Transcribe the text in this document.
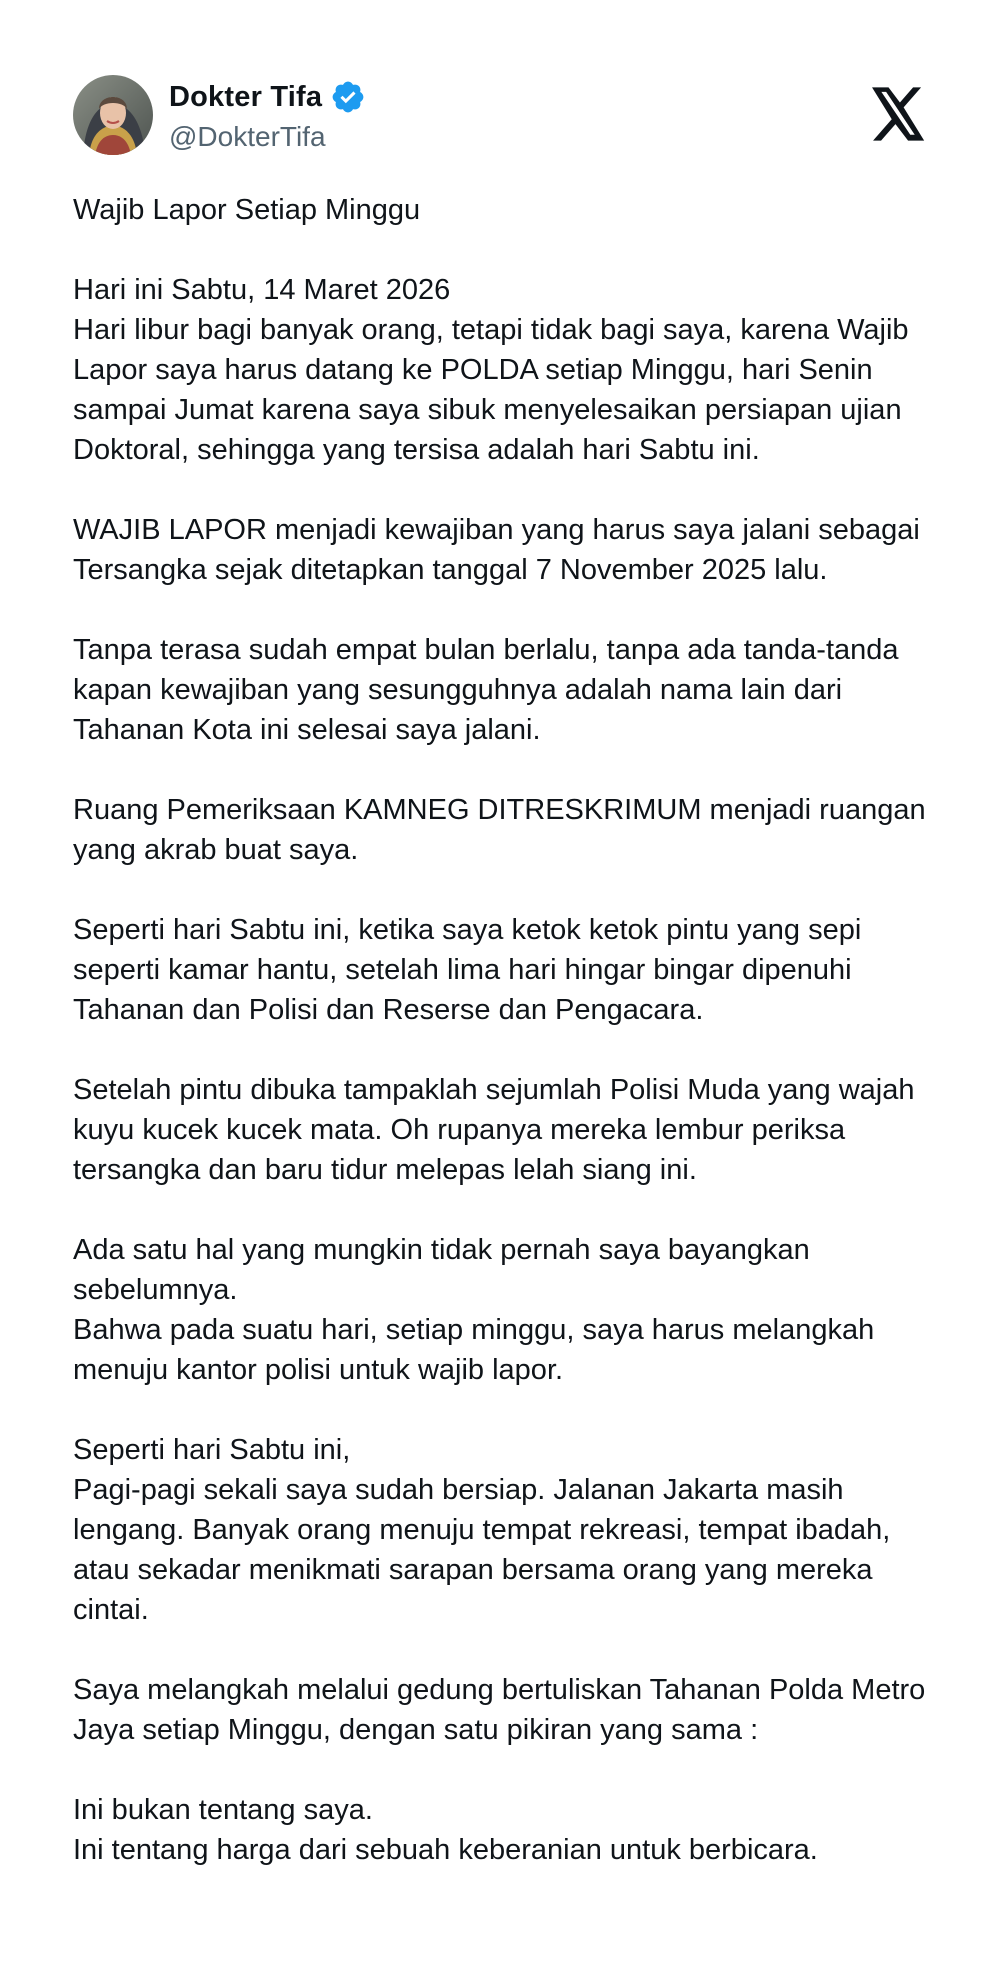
Dokter Tifa
@DokterTifa
Wajib Lapor Setiap Minggu
Hari ini Sabtu, 14 Maret 2026
Hari libur bagi banyak orang, tetapi tidak bagi saya, karena Wajib Lapor saya harus datang ke POLDA setiap Minggu, hari Senin sampai Jumat karena saya sibuk menyelesaikan persiapan ujian Doktoral, sehingga yang tersisa adalah hari Sabtu ini.
WAJIB LAPOR menjadi kewajiban yang harus saya jalani sebagai Tersangka sejak ditetapkan tanggal 7 November 2025 lalu.
Tanpa terasa sudah empat bulan berlalu, tanpa ada tanda-tanda kapan kewajiban yang sesungguhnya adalah nama lain dari Tahanan Kota ini selesai saya jalani.
Ruang Pemeriksaan KAMNEG DITRESKRIMUM menjadi ruangan yang akrab buat saya.
Seperti hari Sabtu ini, ketika saya ketok ketok pintu yang sepi seperti kamar hantu, setelah lima hari hingar bingar dipenuhi Tahanan dan Polisi dan Reserse dan Pengacara.
Setelah pintu dibuka tampaklah sejumlah Polisi Muda yang wajah kuyu kucek kucek mata. Oh rupanya mereka lembur periksa tersangka dan baru tidur melepas lelah siang ini.
Ada satu hal yang mungkin tidak pernah saya bayangkan sebelumnya.
Bahwa pada suatu hari, setiap minggu, saya harus melangkah menuju kantor polisi untuk wajib lapor.
Seperti hari Sabtu ini,
Pagi-pagi sekali saya sudah bersiap. Jalanan Jakarta masih lengang. Banyak orang menuju tempat rekreasi, tempat ibadah, atau sekadar menikmati sarapan bersama orang yang mereka cintai.
Saya melangkah melalui gedung bertuliskan Tahanan Polda Metro Jaya setiap Minggu, dengan satu pikiran yang sama :
Ini bukan tentang saya.
Ini tentang harga dari sebuah keberanian untuk berbicara.
